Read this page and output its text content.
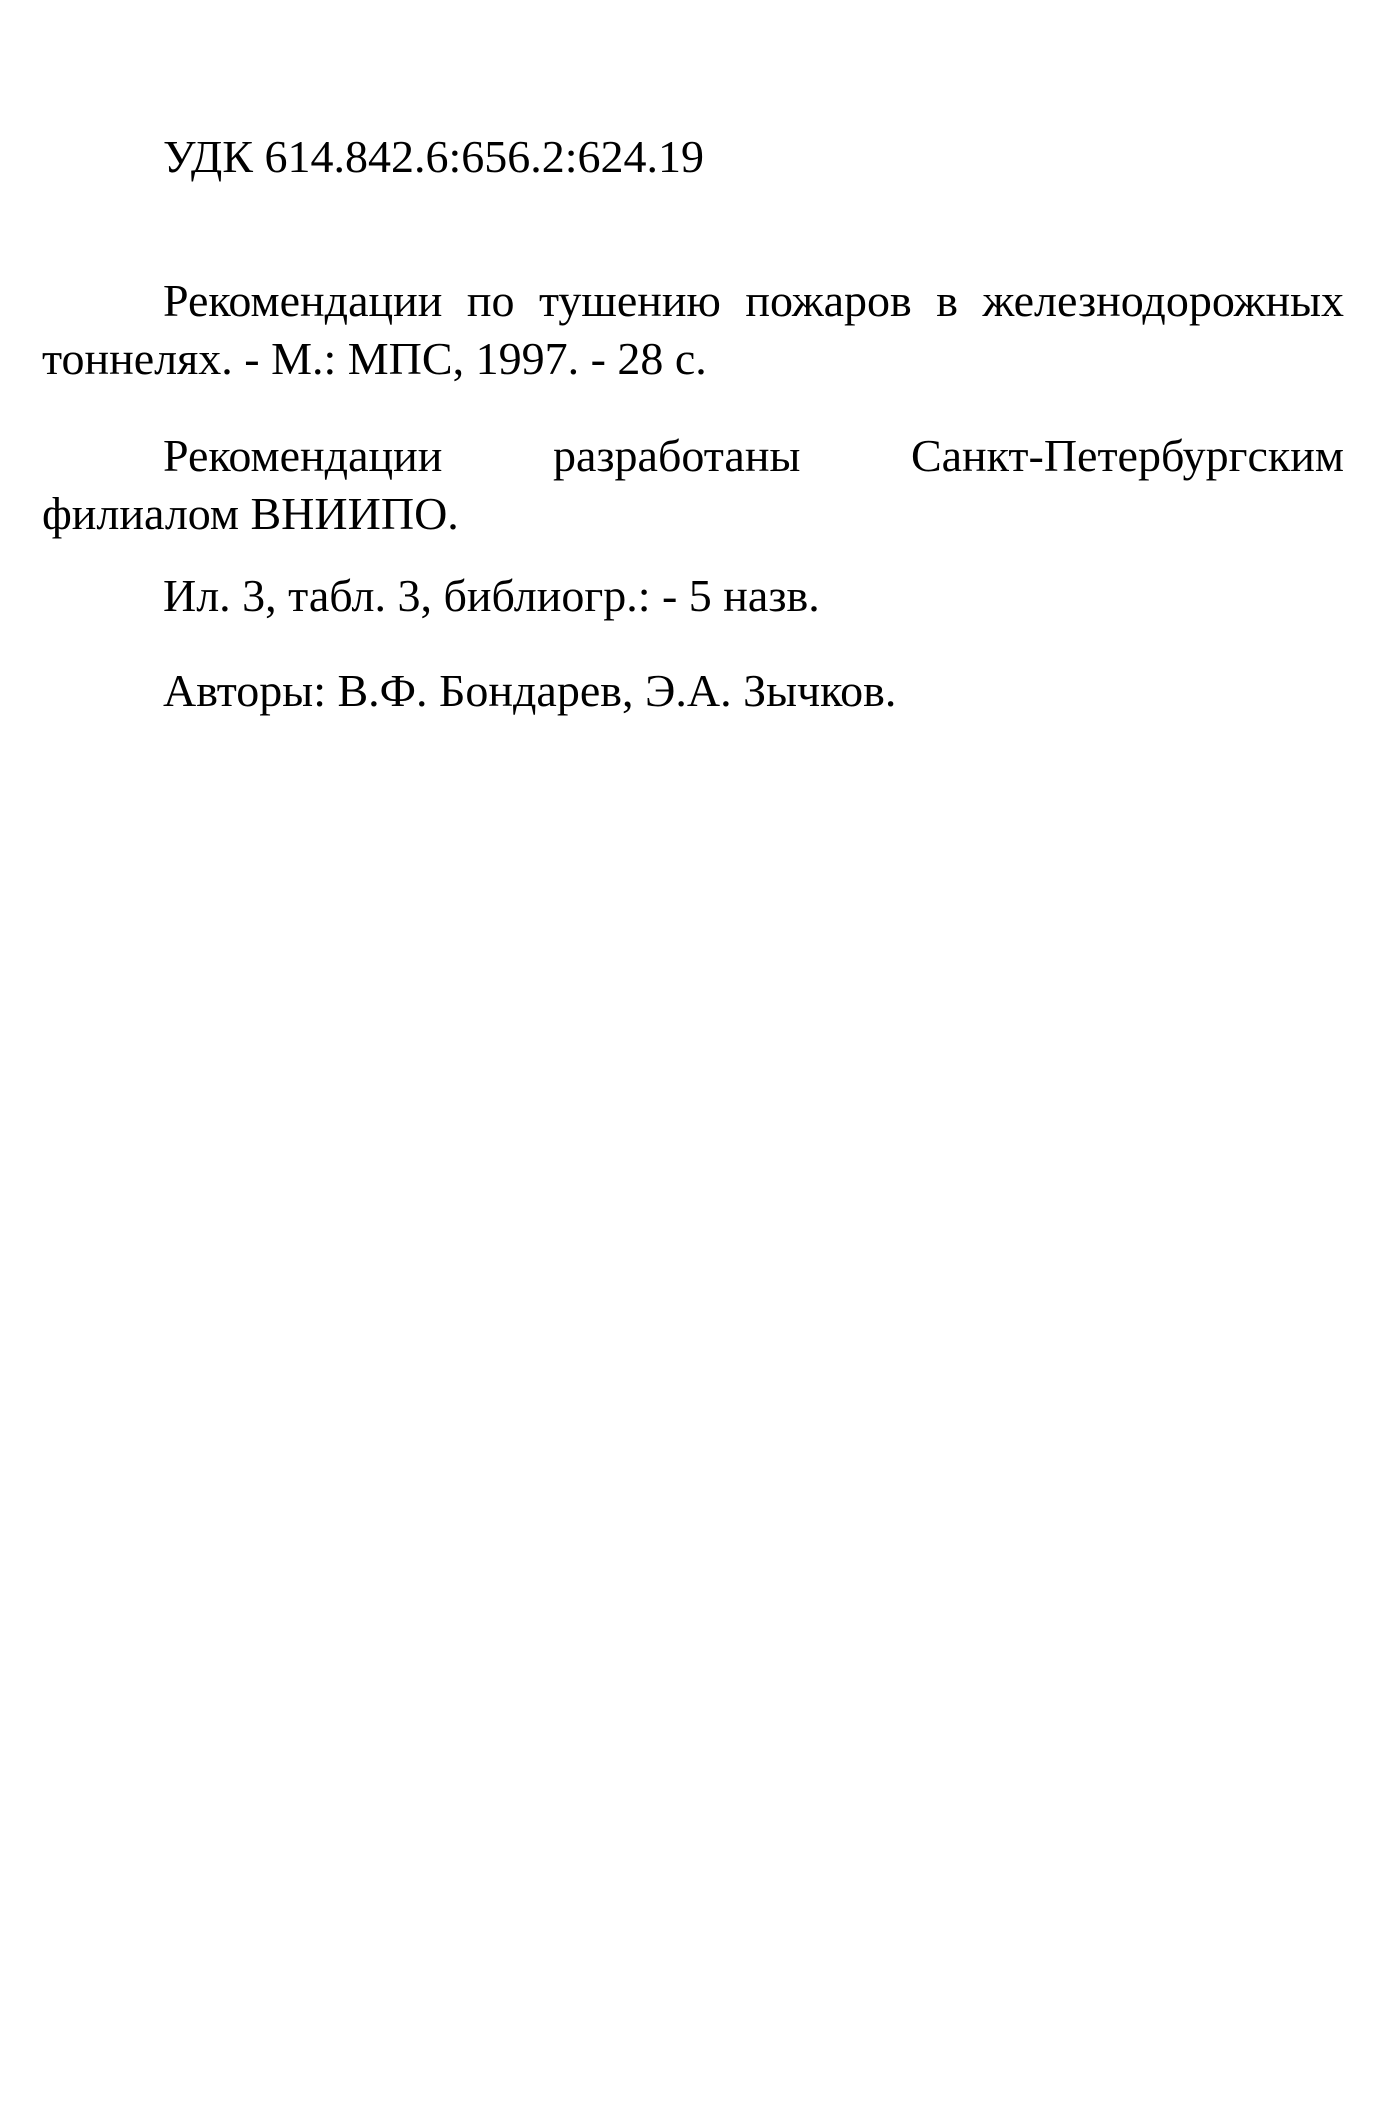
УДК 614.842.6:656.2:624.19

Рекомендации по тушению пожаров в железнодорожных тоннелях. - М.: МПС, 1997. - 28 с.

Рекомендации разработаны Санкт-Петербургским филиалом ВНИИПО.

Ил. 3, табл. 3, библиогр.: - 5 назв.

Авторы: В.Ф. Бондарев, Э.А. Зычков.
